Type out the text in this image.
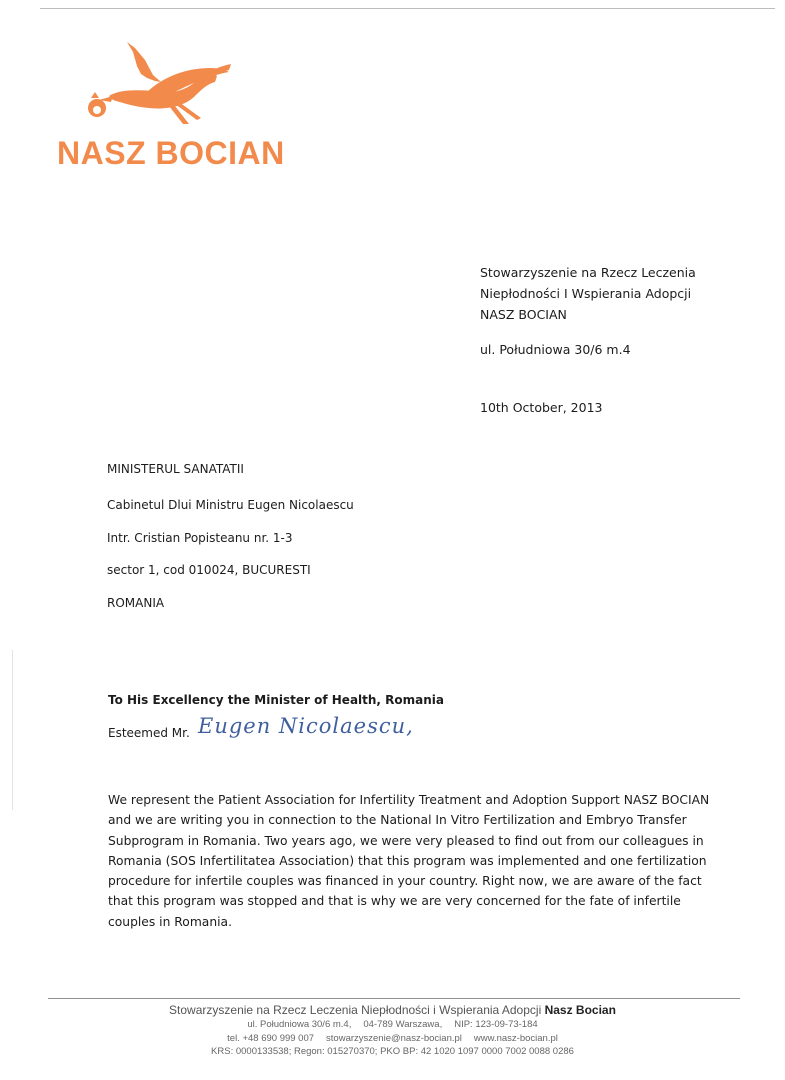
NASZ BOCIAN
Stowarzyszenie na Rzecz Leczenia
Niepłodności I Wspierania Adopcji
NASZ BOCIAN
ul. Południowa 30/6 m.4
10th October, 2013
MINISTERUL SANATATII
Cabinetul Dlui Ministru Eugen Nicolaescu
Intr. Cristian Popisteanu nr. 1-3
sector 1, cod 010024, BUCURESTI
ROMANIA
To His Excellency the Minister of Health, Romania
Esteemed Mr. Eugen Nicolaescu,
We represent the Patient Association for Infertility Treatment and Adoption Support NASZ BOCIAN
and we are writing you in connection to the National In Vitro Fertilization and Embryo Transfer
Subprogram in Romania. Two years ago, we were very pleased to find out from our colleagues in
Romania (SOS Infertilitatea Association) that this program was implemented and one fertilization
procedure for infertile couples was financed in your country. Right now, we are aware of the fact
that this program was stopped and that is why we are very concerned for the fate of infertile
couples in Romania.
Stowarzyszenie na Rzecz Leczenia Niepłodności i Wspierania Adopcji Nasz Bocian
ul. Południowa 30/6 m.4, 04-789 Warszawa, NIP: 123-09-73-184
tel. +48 690 999 007 stowarzyszenie@nasz-bocian.pl www.nasz-bocian.pl
KRS: 0000133538; Regon: 015270370; PKO BP: 42 1020 1097 0000 7002 0088 0286
